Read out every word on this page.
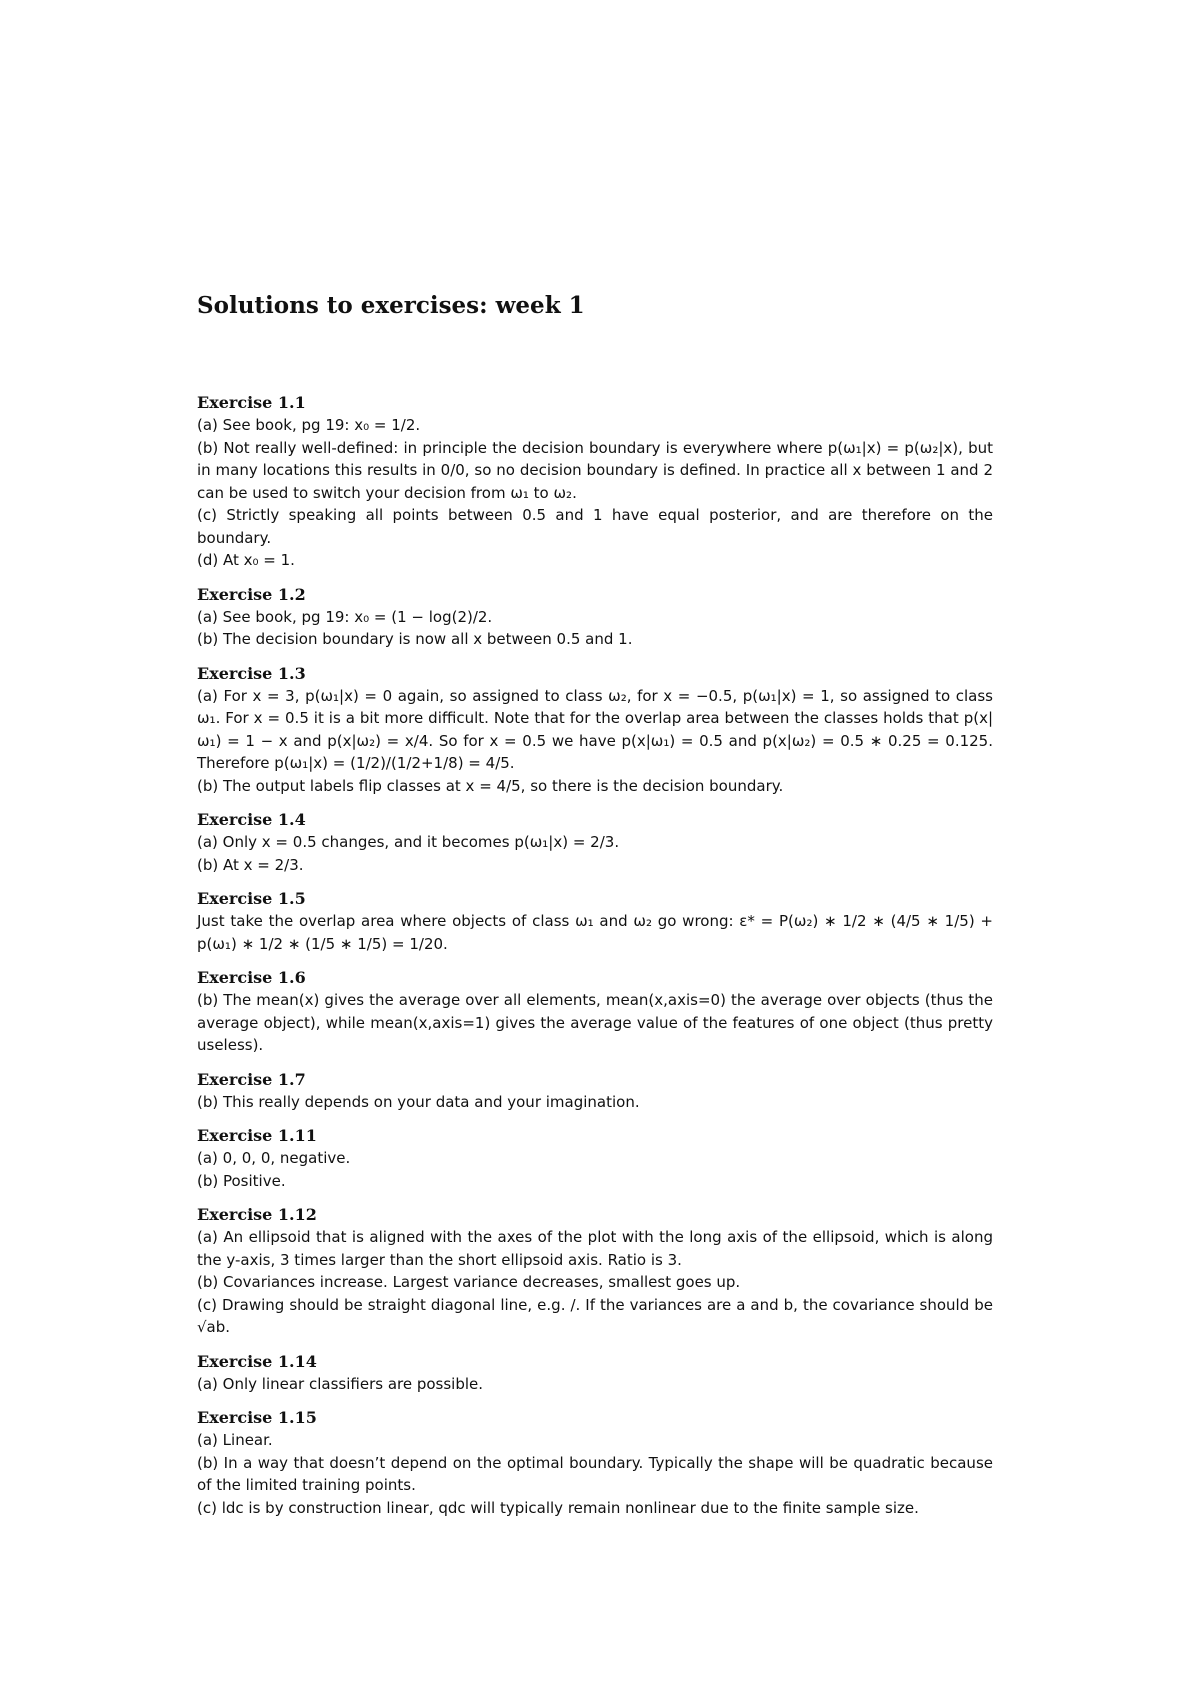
Solutions to exercises: week 1
Exercise 1.1
(a) See book, pg 19: x₀ = 1/2.
(b) Not really well-defined: in principle the decision boundary is everywhere where p(ω₁|x) = p(ω₂|x), but in many locations this results in 0/0, so no decision boundary is defined. In practice all x between 1 and 2 can be used to switch your decision from ω₁ to ω₂.
(c) Strictly speaking all points between 0.5 and 1 have equal posterior, and are therefore on the boundary.
(d) At x₀ = 1.
Exercise 1.2
(a) See book, pg 19: x₀ = (1 − log(2)/2.
(b) The decision boundary is now all x between 0.5 and 1.
Exercise 1.3
(a) For x = 3, p(ω₁|x) = 0 again, so assigned to class ω₂, for x = −0.5, p(ω₁|x) = 1, so assigned to class ω₁. For x = 0.5 it is a bit more difficult. Note that for the overlap area between the classes holds that p(x|ω₁) = 1 − x and p(x|ω₂) = x/4. So for x = 0.5 we have p(x|ω₁) = 0.5 and p(x|ω₂) = 0.5 ∗ 0.25 = 0.125. Therefore p(ω₁|x) = (1/2)/(1/2+1/8) = 4/5.
(b) The output labels flip classes at x = 4/5, so there is the decision boundary.
Exercise 1.4
(a) Only x = 0.5 changes, and it becomes p(ω₁|x) = 2/3.
(b) At x = 2/3.
Exercise 1.5
Just take the overlap area where objects of class ω₁ and ω₂ go wrong: ε* = P(ω₂) ∗ 1/2 ∗ (4/5 ∗ 1/5) + p(ω₁) ∗ 1/2 ∗ (1/5 ∗ 1/5) = 1/20.
Exercise 1.6
(b) The mean(x) gives the average over all elements, mean(x,axis=0) the average over objects (thus the average object), while mean(x,axis=1) gives the average value of the features of one object (thus pretty useless).
Exercise 1.7
(b) This really depends on your data and your imagination.
Exercise 1.11
(a) 0, 0, 0, negative.
(b) Positive.
Exercise 1.12
(a) An ellipsoid that is aligned with the axes of the plot with the long axis of the ellipsoid, which is along the y-axis, 3 times larger than the short ellipsoid axis. Ratio is 3.
(b) Covariances increase. Largest variance decreases, smallest goes up.
(c) Drawing should be straight diagonal line, e.g. /. If the variances are a and b, the covariance should be √ab.
Exercise 1.14
(a) Only linear classifiers are possible.
Exercise 1.15
(a) Linear.
(b) In a way that doesn’t depend on the optimal boundary. Typically the shape will be quadratic because of the limited training points.
(c) ldc is by construction linear, qdc will typically remain nonlinear due to the finite sample size.
